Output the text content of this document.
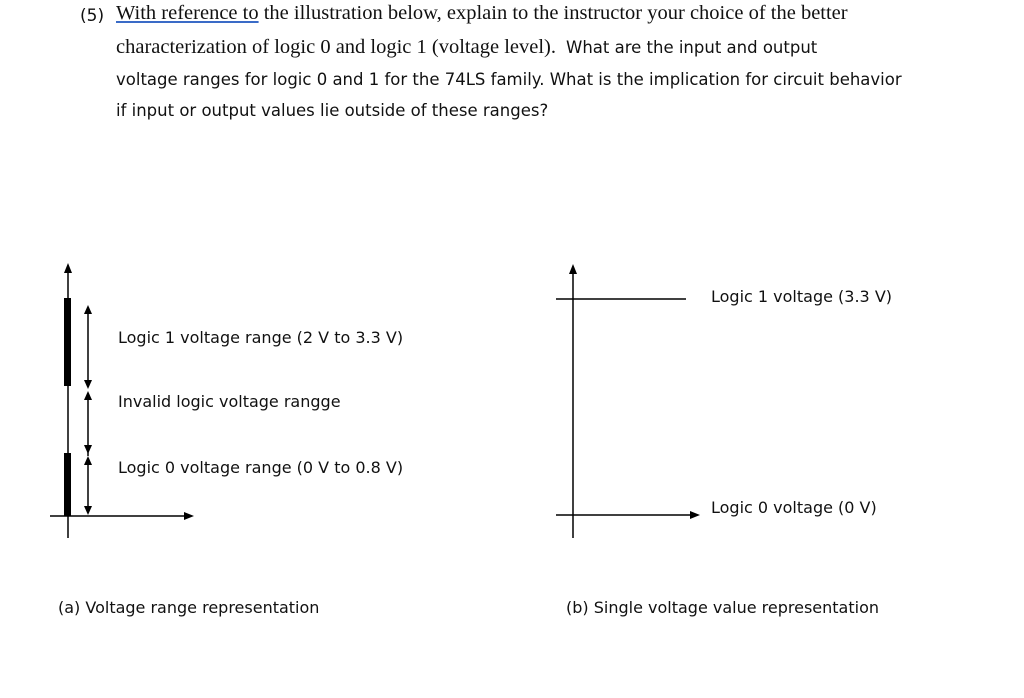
(5) With reference to the illustration below, explain to the instructor your choice of the better
characterization of logic 0 and logic 1 (voltage level). What are the input and output
voltage ranges for logic 0 and 1 for the 74LS family. What is the implication for circuit behavior
if input or output values lie outside of these ranges?
Logic 1 voltage range (2 V to 3.3 V)
Invalid logic voltage rangge
Logic 0 voltage range (0 V to 0.8 V)
(a) Voltage range representation
Logic 1 voltage (3.3 V)
Logic 0 voltage (0 V)
(b) Single voltage value representation
